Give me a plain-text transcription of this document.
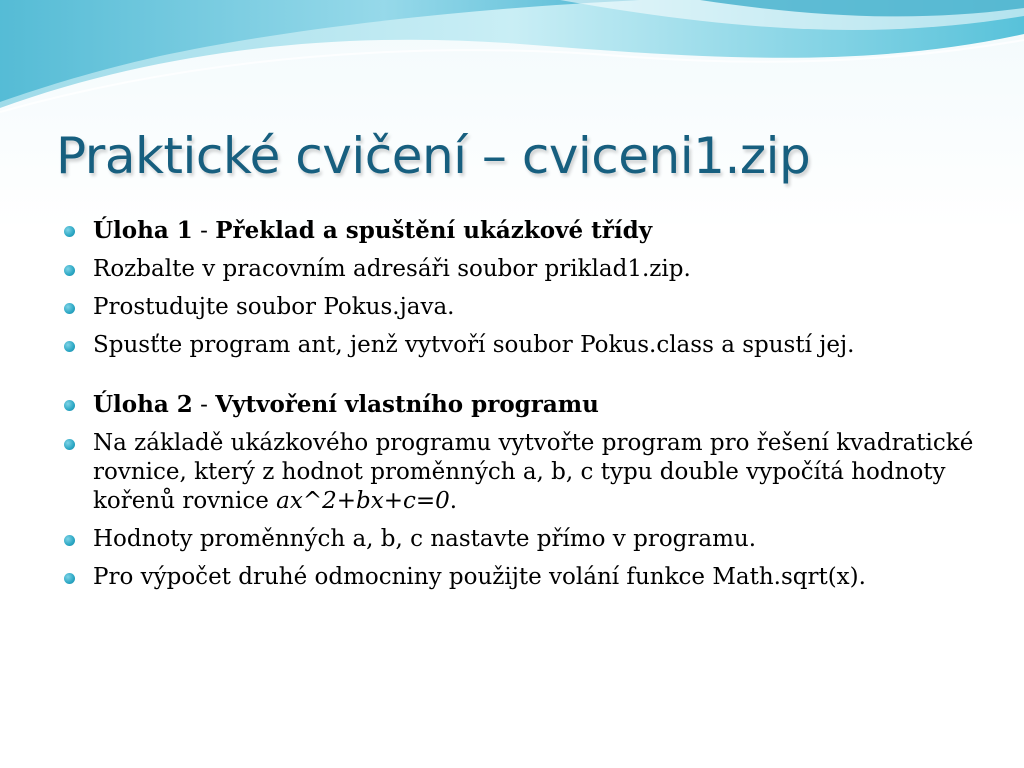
Praktické cvičení – cviceni1.zip
Úloha 1 - Překlad a spuštění ukázkové třídy
Rozbalte v pracovním adresáři soubor priklad1.zip.
Prostudujte soubor Pokus.java.
Spusťte program ant, jenž vytvoří soubor Pokus.class a spustí jej.
Úloha 2 - Vytvoření vlastního programu
Na základě ukázkového programu vytvořte program pro řešení kvadratické rovnice, který z hodnot proměnných a, b, c typu double vypočítá hodnoty kořenů rovnice ax^2+bx+c=0.
Hodnoty proměnných a, b, c nastavte přímo v programu.
Pro výpočet druhé odmocniny použijte volání funkce Math.sqrt(x).
